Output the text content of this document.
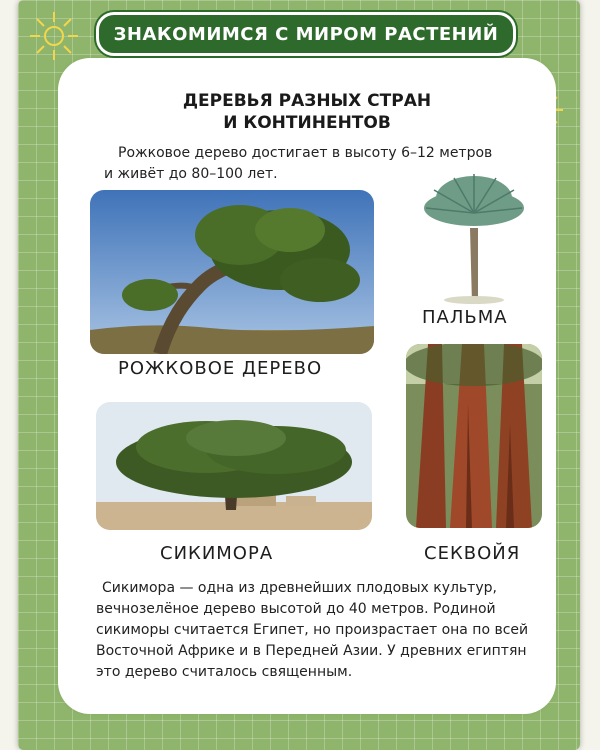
ЗНАКОМИМСЯ С МИРОМ РАСТЕНИЙ
ДЕРЕВЬЯ РАЗНЫХ СТРАН
И КОНТИНЕНТОВ
Рожковое дерево достигает в высоту 6–12 метров
и живёт до 80–100 лет.
РОЖКОВОЕ ДЕРЕВО
ПАЛЬМА
СИКИМОРА	СЕКВОЙЯ
Сикимора — одна из древнейших плодовых культур,
вечнозелёное дерево высотой до 40 метров. Родиной
сикиморы считается Египет, но произрастает она по всей
Восточной Африке и в Передней Азии. У древних египтян
это дерево считалось священным.
